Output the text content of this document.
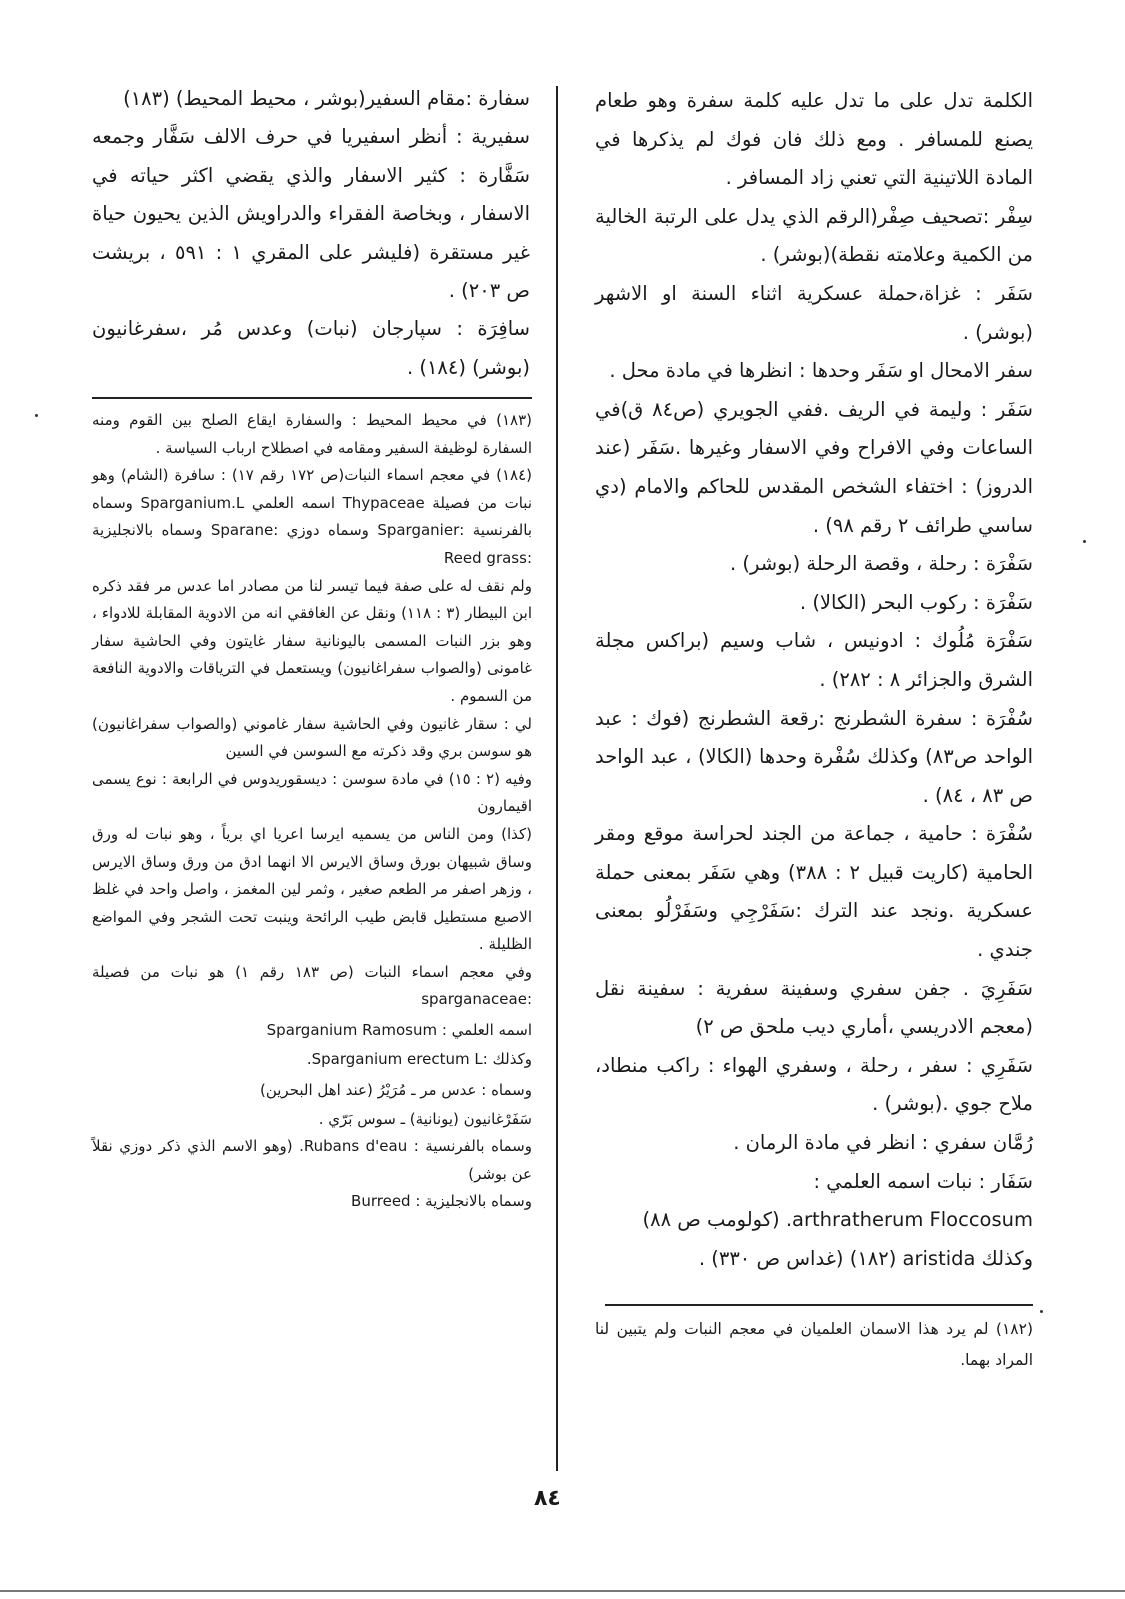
الكلمة تدل على ما تدل عليه كلمة سفرة وهو طعام يصنع للمسافر . ومع ذلك فان فوك لم يذكرها في المادة اللاتينية التي تعني زاد المسافر .

سِفْر :تصحيف صِفْر(الرقم الذي يدل على الرتبة الخالية من الكمية وعلامته نقطة)(بوشر) .

سَفَر : غزاة،حملة عسكرية اثناء السنة او الاشهر (بوشر) .

سفر الامحال او سَفَر وحدها : انظرها في مادة محل .

سَفَر : وليمة في الريف .ففي الجويري (ص٨٤ ق)في الساعات وفي الافراح وفي الاسفار وغيرها .سَفَر (عند الدروز) : اختفاء الشخص المقدس للحاكم والامام (دي ساسي طرائف ٢ رقم ٩٨) .

سَفْرَة : رحلة ، وقصة الرحلة (بوشر) .

سَفْرَة : ركوب البحر (الكالا) .

سَفْرَة مُلُوك : ادونيس ، شاب وسيم (براكس مجلة الشرق والجزائر ٨ : ٢٨٢) .

سُفْرَة : سفرة الشطرنج :رقعة الشطرنج (فوك : عبد الواحد ص٨٣) وكذلك سُفْرة وحدها (الكالا) ، عبد الواحد ص ٨٣ ، ٨٤) .

سُفْرَة : حامية ، جماعة من الجند لحراسة موقع ومقر الحامية (كاريت قبيل ٢ : ٣٨٨) وهي سَفَر بمعنى حملة عسكرية .ونجد عند الترك :سَفَرْجِي وسَفَرْلُو بمعنى جندي .

سَفَرِيَ . جفن سفري وسفينة سفرية : سفينة نقل (معجم الادريسي ،أماري ديب ملحق ص ٢)

سَفَرِي : سفر ، رحلة ، وسفري الهواء : راكب منطاد، ملاح جوي .(بوشر) .

رُمَّان سفري : انظر في مادة الرمان .

سَفَار : نبات اسمه العلمي :

arthratherum Floccosum. (كولومب ص ٨٨)

وكذلك aristida (١٨٢) (غداس ص ٣٣٠) .

(١٨٢) لم يرد هذا الاسمان العلميان في معجم النبات ولم يتبين لنا المراد بهما.

سفارة :مقام السفير(بوشر ، محيط المحيط) (١٨٣)

سفيرية : أنظر اسفيريا في حرف الالف سَفَّار وجمعه سَفَّارة : كثير الاسفار والذي يقضي اكثر حياته في الاسفار ، وبخاصة الفقراء والدراويش الذين يحيون حياة غير مستقرة (فليشر على المقري ١ : ٥٩١ ، بريشت ص ٢٠٣) .

سافِرَة : سپارجان (نبات) وعدس مُر ،سفرغانيون (بوشر) (١٨٤) .

(١٨٣) في محيط المحيط : والسفارة ايقاع الصلح بين القوم ومنه السفارة لوظيفة السفير ومقامه في اصطلاح ارباب السياسة .

(١٨٤) في معجم اسماء النبات(ص ١٧٢ رقم ١٧) : سافرة (الشام) وهو نبات من فصيلة Thypaceae اسمه العلمي Sparganium.L وسماه بالفرنسية :Sparganier وسماه دوزي :Sparane وسماه بالانجليزية :Reed grass

ولم نقف له على صفة فيما تيسر لنا من مصادر اما عدس مر فقد ذكره ابن البيطار (٣ : ١١٨) ونقل عن الغافقي انه من الادوية المقابلة للادواء ، وهو بزر النبات المسمى باليونانية سفار غايتون وفي الحاشية سفار غامونى (والصواب سفراغانيون) ويستعمل في الترياقات والادوية النافعة من السموم .

لي : سقار غانيون وفي الحاشية سفار غاموني (والصواب سفراغانيون) هو سوسن بري وقد ذكرته مع السوسن في السين

وفيه (٢ : ١٥) في مادة سوسن : ديسقوريدوس في الرابعة : نوع يسمى اقيمارون

(كذا) ومن الناس من يسميه ايرسا اعريا اي برياً ، وهو نبات له ورق وساق شبيهان بورق وساق الايرس الا انهما ادق من ورق وساق الايرس ، وزهر اصفر مر الطعم صغير ، وثمر لين المغمز ، واصل واحد في غلظ الاصبع مستطيل قابض طيب الرائحة وينبت تحت الشجر وفي المواضع الظليلة .

وفي معجم اسماء النبات (ص ١٨٣ رقم ١) هو نبات من فصيلة :sparganaceae

اسمه العلمي : Sparganium Ramosum

وكذلك :Sparganium erectum L.

وسماه : عدس مر ـ مُرَيْرُ (عند اهل البحرين)

سَفَرْغانيون (يونانية) ـ سوس بَرّي .

وسماه بالفرنسية : Rubans d'eau. (وهو الاسم الذي ذكر دوزي نقلاً عن بوشر)

وسماه بالانجليزية : Burreed

٨٤
